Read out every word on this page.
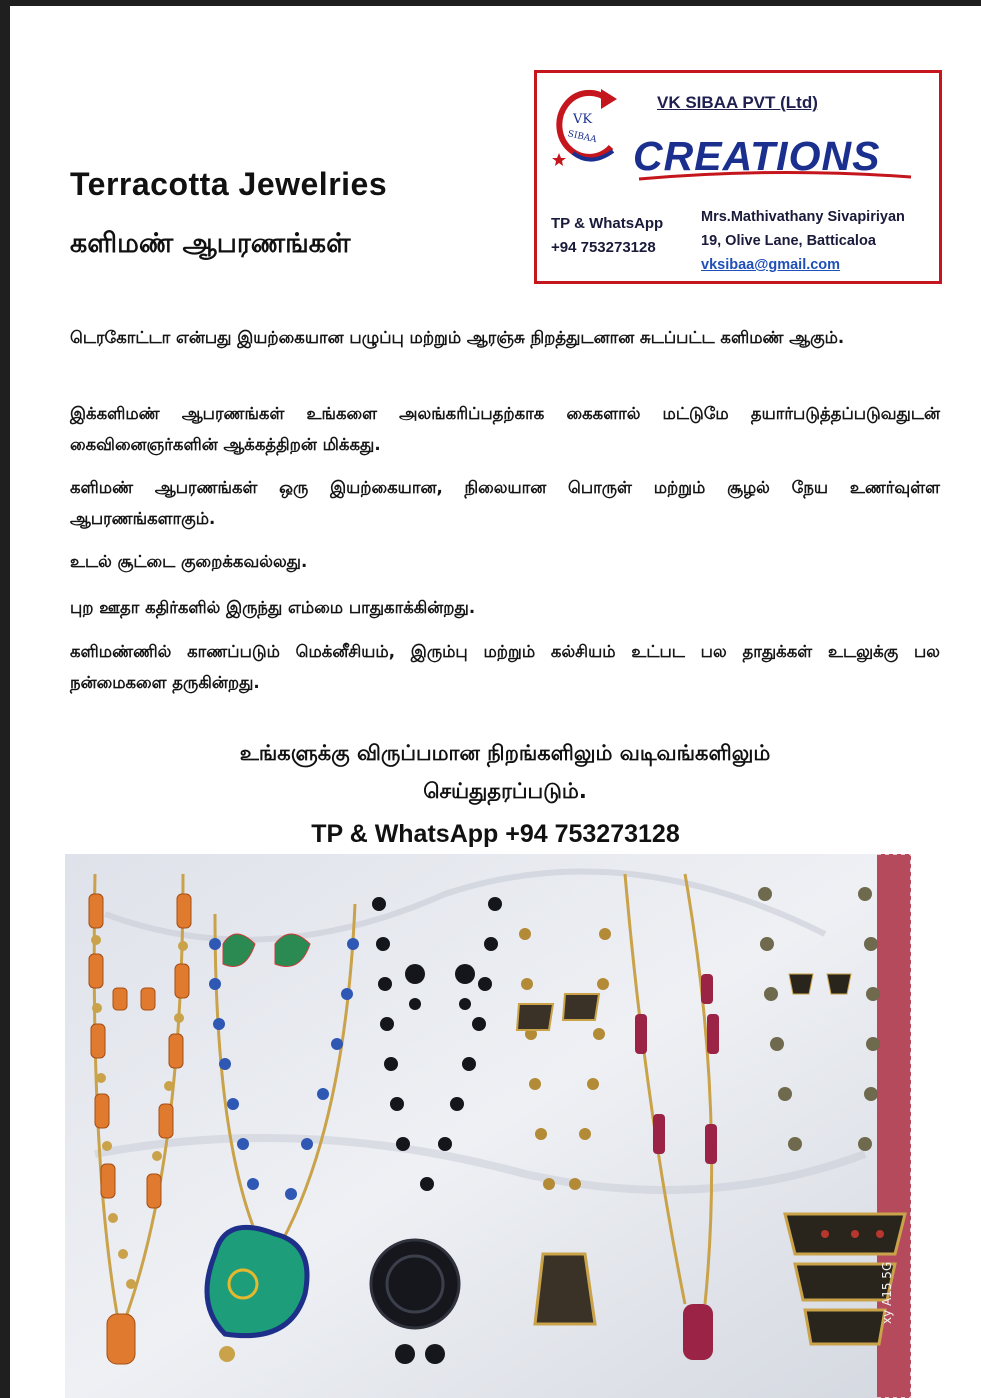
Terracotta Jewelries
களிமண் ஆபரணங்கள்
VK
SIBAA
VK SIBAA PVT (Ltd)
CREATIONS
TP & WhatsApp
+94 753273128
Mrs.Mathivathany Sivapiriyan
19, Olive Lane, Batticaloa
vksibaa@gmail.com
டெரகோட்டா என்பது இயற்கையான பழுப்பு மற்றும் ஆரஞ்சு நிறத்துடனான சுடப்பட்ட களிமண் ஆகும்.
இக்களிமண் ஆபரணங்கள் உங்களை அலங்கரிப்பதற்காக கைகளால் மட்டுமே தயார்படுத்தப்படுவதுடன் கைவினைஞர்களின் ஆக்கத்திறன் மிக்கது.
களிமண் ஆபரணங்கள் ஒரு இயற்கையான, நிலையான பொருள் மற்றும் சூழல் நேய உணர்வுள்ள ஆபரணங்களாகும்.
உடல் சூட்டை குறைக்கவல்லது.
புற ஊதா கதிர்களில் இருந்து எம்மை பாதுகாக்கின்றது.
களிமண்ணில் காணப்படும் மெக்னீசியம், இரும்பு மற்றும் கல்சியம் உட்பட பல தாதுக்கள் உடலுக்கு பல நன்மைகளை தருகின்றது.
உங்களுக்கு விருப்பமான நிறங்களிலும் வடிவங்களிலும்
செய்துதரப்படும்.
TP & WhatsApp +94 753273128
xy A15 5G
